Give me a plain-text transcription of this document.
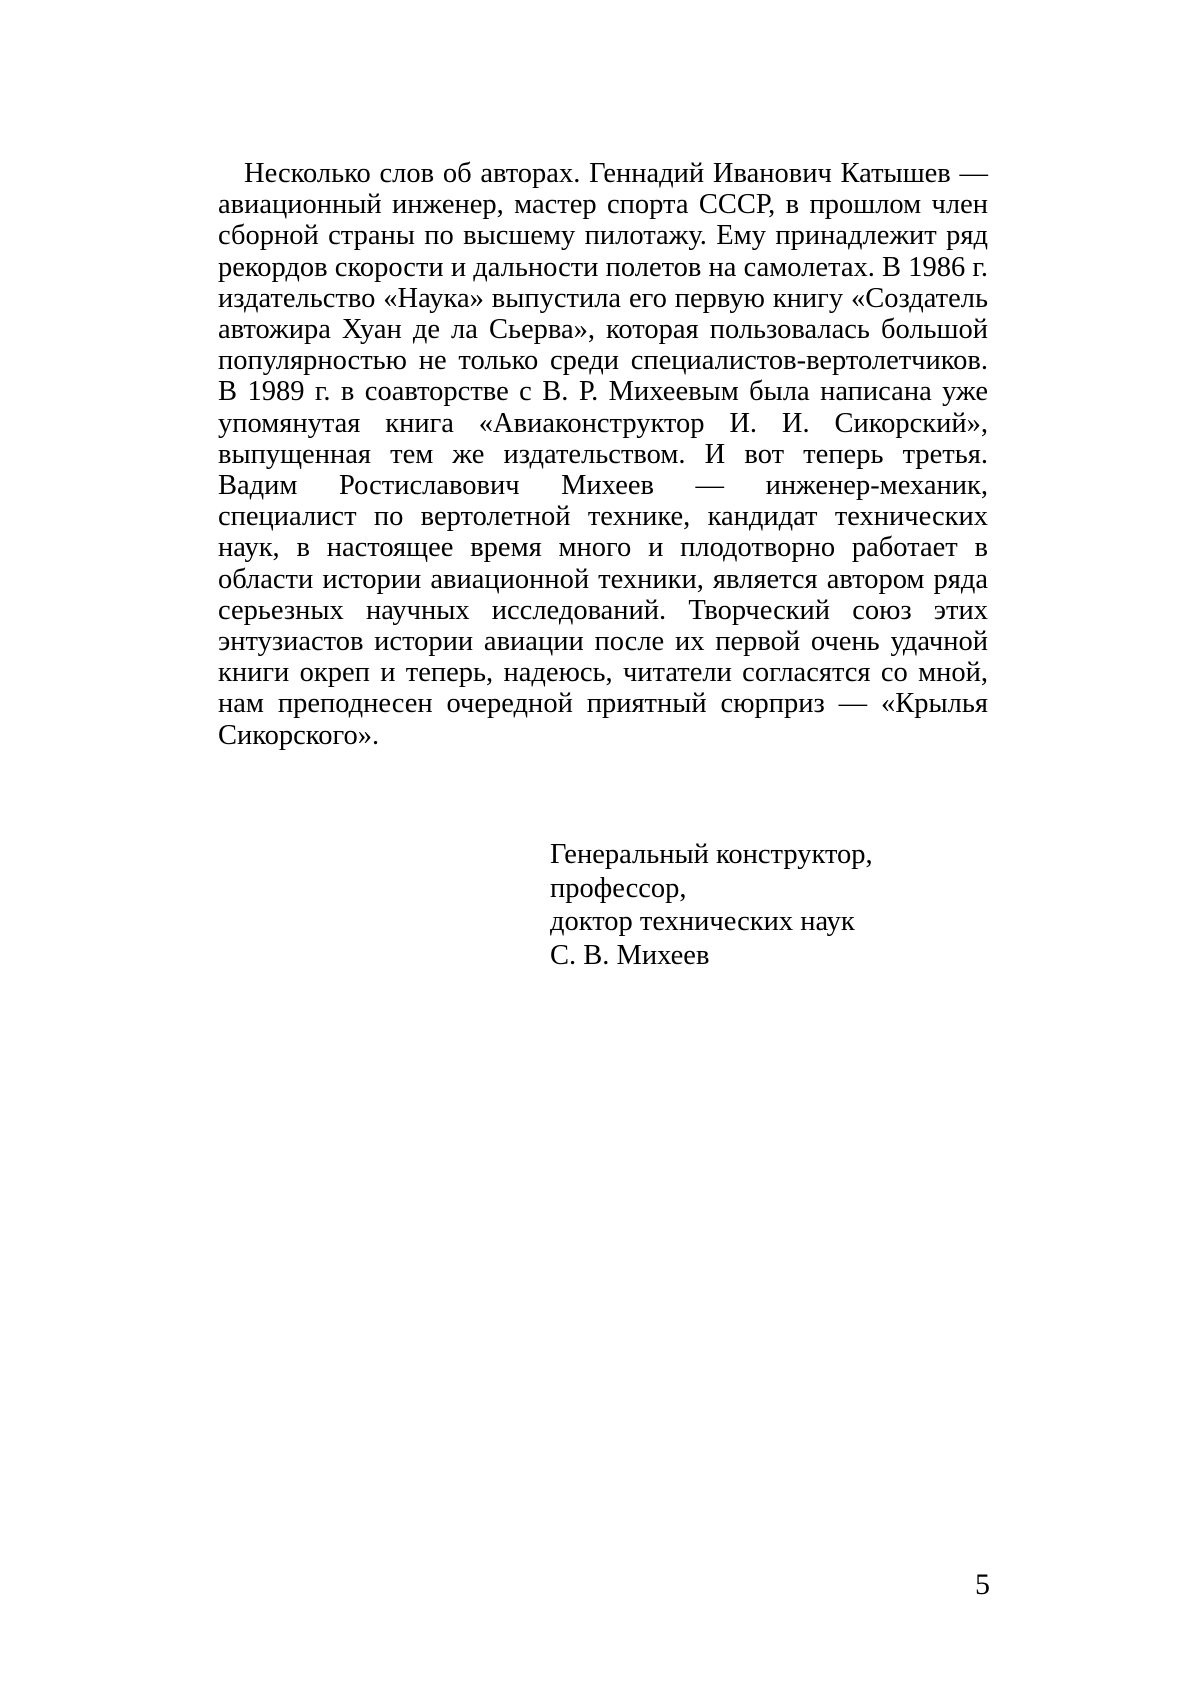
Несколько слов об авторах. Геннадий Иванович Катышев — авиационный инженер, мастер спорта СССР, в прошлом член сборной страны по высшему пилотажу. Ему принадлежит ряд рекордов скорости и дальности полетов на самолетах. В 1986 г. издательство «Наука» выпустила его первую книгу «Создатель автожира Хуан де ла Сьерва», которая пользовалась большой популярностью не только среди специалистов-вертолетчиков. В 1989 г. в соавторстве с В. Р. Михеевым была написана уже упомянутая книга «Авиаконструктор И. И. Сикорский», выпущенная тем же издательством. И вот теперь третья. Вадим Ростиславович Михеев — инженер-механик, специалист по вертолетной технике, кандидат технических наук, в настоящее время много и плодотворно работает в области истории авиационной техники, является автором ряда серьезных научных исследований. Творческий союз этих энтузиастов истории авиации после их первой очень удачной книги окреп и теперь, надеюсь, читатели согласятся со мной, нам преподнесен очередной приятный сюрприз — «Крылья Сикорского».

Генеральный конструктор,
профессор,
доктор технических наук
С. В. Михеев
5
